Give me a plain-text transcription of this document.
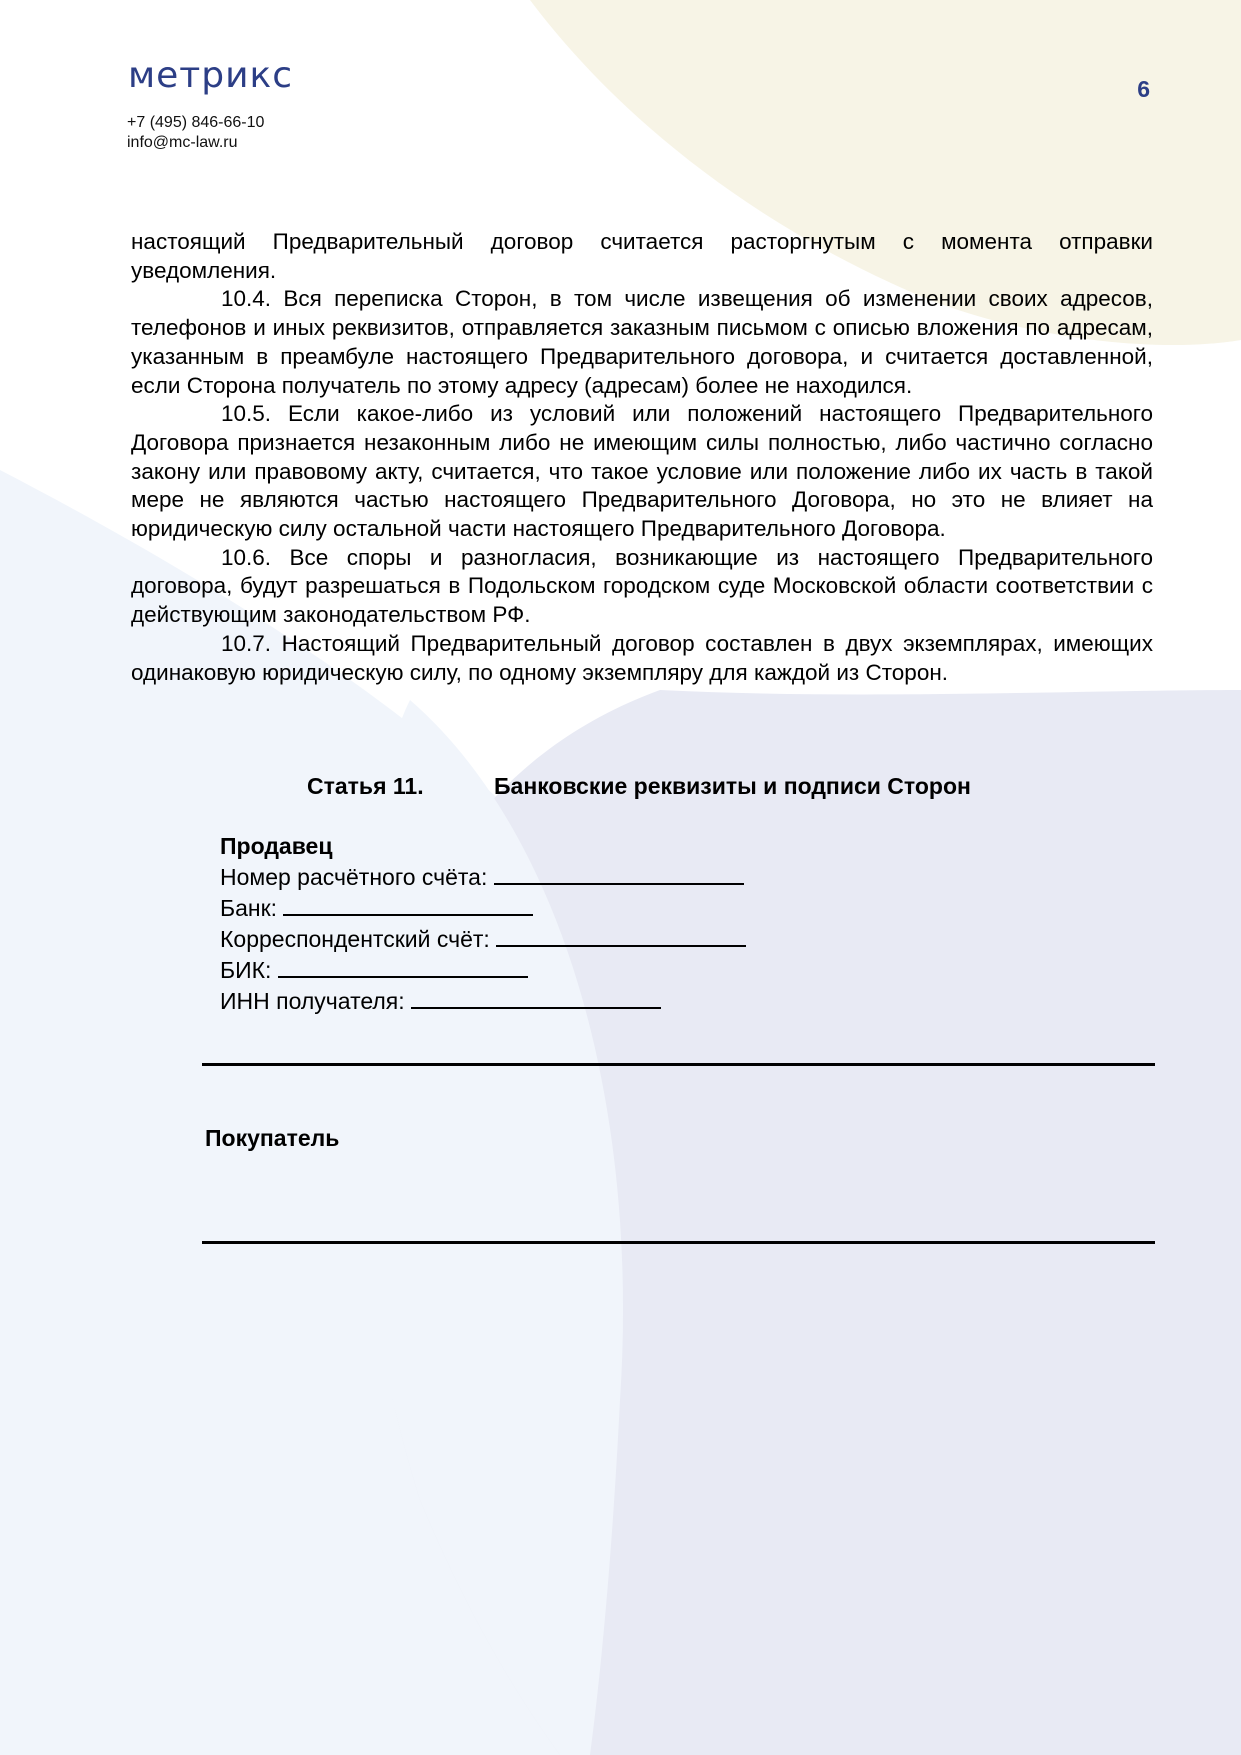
метрикс
+7 (495) 846-66-10
info@mc-law.ru
6

настоящий Предварительный договор считается расторгнутым с момента отправки уведомления.

10.4. Вся переписка Сторон, в том числе извещения об изменении своих адресов, телефонов и иных реквизитов, отправляется заказным письмом с описью вложения по адресам, указанным в преамбуле настоящего Предварительного договора, и считается доставленной, если Сторона получатель по этому адресу (адресам) более не находился.

10.5. Если какое-либо из условий или положений настоящего Предварительного Договора признается незаконным либо не имеющим силы полностью, либо частично согласно закону или правовому акту, считается, что такое условие или положение либо их часть в такой мере не являются частью настоящего Предварительного Договора, но это не влияет на юридическую силу остальной части настоящего Предварительного Договора.

10.6. Все споры и разногласия, возникающие из настоящего Предварительного договора, будут разрешаться в Подольском городском суде Московской области соответствии с действующим законодательством РФ.

10.7. Настоящий Предварительный договор составлен в двух экземплярах, имеющих одинаковую юридическую силу, по одному экземпляру для каждой из Сторон.

Статья 11.	Банковские реквизиты и подписи Сторон
Продавец
Номер расчётного счёта:
Банк:
Корреспондентский счёт:
БИК:
ИНН получателя:
Покупатель
